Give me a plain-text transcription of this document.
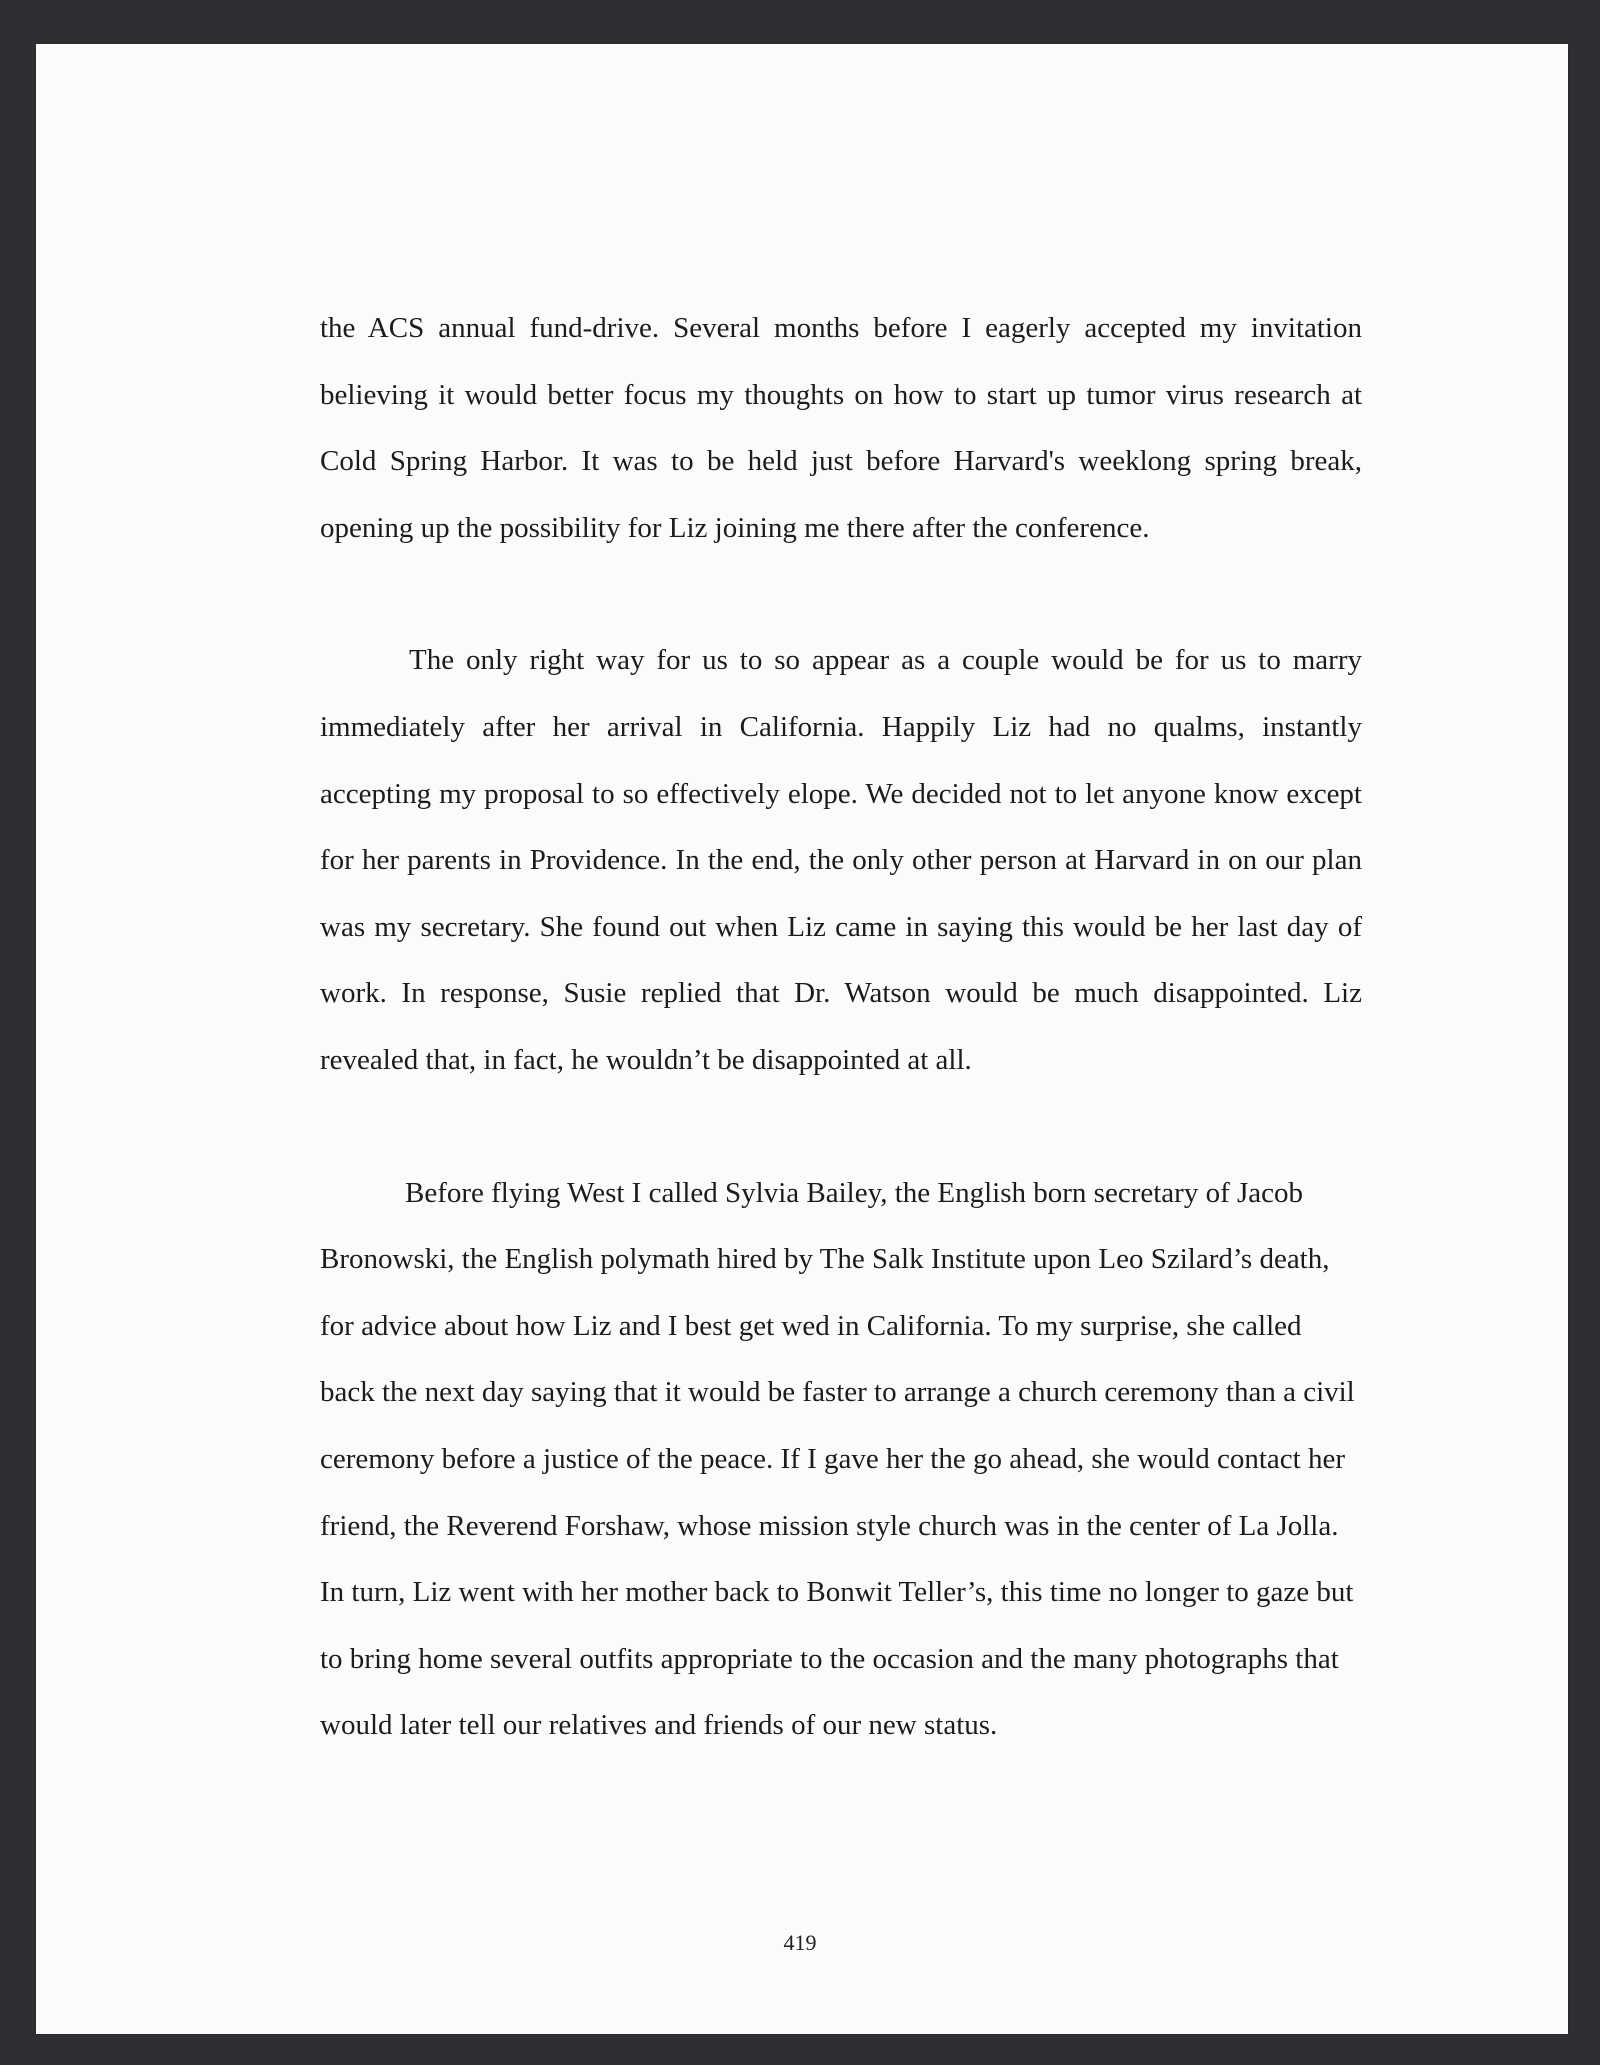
the ACS annual fund-drive. Several months before I eagerly accepted my invitation believing it would better focus my thoughts on how to start up tumor virus research at Cold Spring Harbor. It was to be held just before Harvard's weeklong spring break, opening up the possibility for Liz joining me there after the conference.

The only right way for us to so appear as a couple would be for us to marry immediately after her arrival in California. Happily Liz had no qualms, instantly accepting my proposal to so effectively elope. We decided not to let anyone know except for her parents in Providence. In the end, the only other person at Harvard in on our plan was my secretary. She found out when Liz came in saying this would be her last day of work. In response, Susie replied that Dr. Watson would be much disappointed. Liz revealed that, in fact, he wouldn’t be disappointed at all.

Before flying West I called Sylvia Bailey, the English born secretary of Jacob Bronowski, the English polymath hired by The Salk Institute upon Leo Szilard’s death, for advice about how Liz and I best get wed in California. To my surprise, she called back the next day saying that it would be faster to arrange a church ceremony than a civil ceremony before a justice of the peace. If I gave her the go ahead, she would contact her friend, the Reverend Forshaw, whose mission style church was in the center of La Jolla. In turn, Liz went with her mother back to Bonwit Teller’s, this time no longer to gaze but to bring home several outfits appropriate to the occasion and the many photographs that would later tell our relatives and friends of our new status.

419
